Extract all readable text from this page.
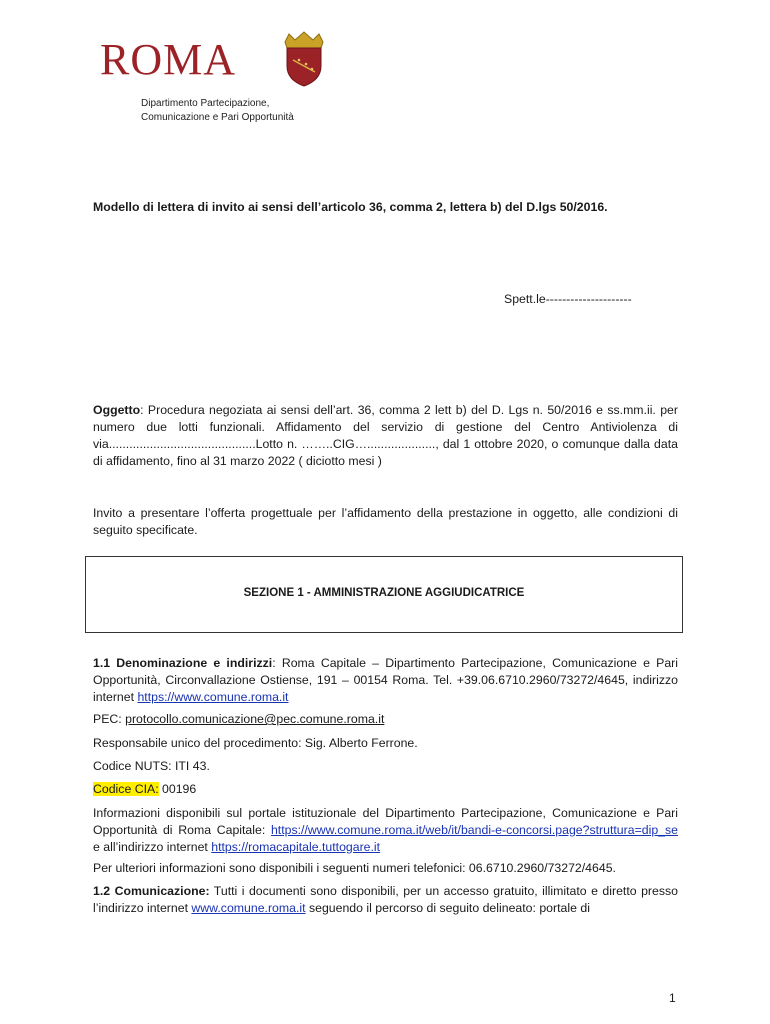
ROMA
Dipartimento Partecipazione,
Comunicazione e Pari Opportunità
Modello di lettera di invito ai sensi dell’articolo 36, comma 2, lettera b) del D.lgs 50/2016.
Spett.le---------------------

Oggetto: Procedura negoziata ai sensi dell’art. 36, comma 2 lett b) del D. Lgs n. 50/2016 e ss.mm.ii. per numero due lotti funzionali. Affidamento del servizio di gestione del Centro Antiviolenza di via...........................................Lotto n. ……..CIG…...................., dal 1 ottobre 2020, o comunque dalla data di affidamento, fino al 31 marzo 2022 ( diciotto mesi )

Invito a presentare l’offerta progettuale per l’affidamento della prestazione in oggetto, alle condizioni di seguito specificate.

SEZIONE 1 - AMMINISTRAZIONE AGGIUDICATRICE

1.1 Denominazione e indirizzi: Roma Capitale – Dipartimento Partecipazione, Comunicazione e Pari Opportunità, Circonvallazione Ostiense, 191 – 00154 Roma. Tel. +39.06.6710.2960/73272/4645, indirizzo internet https://www.comune.roma.it

PEC: protocollo.comunicazione@pec.comune.roma.it

Responsabile unico del procedimento: Sig. Alberto Ferrone.

Codice NUTS: ITI 43.

Codice CIA: 00196

Informazioni disponibili sul portale istituzionale del Dipartimento Partecipazione, Comunicazione e Pari Opportunità di Roma Capitale: https://www.comune.roma.it/web/it/bandi-e-concorsi.page?struttura=dip_se e all’indirizzo internet https://romacapitale.tuttogare.it

Per ulteriori informazioni sono disponibili i seguenti numeri telefonici: 06.6710.2960/73272/4645.

1.2 Comunicazione: Tutti i documenti sono disponibili, per un accesso gratuito, illimitato e diretto presso l’indirizzo internet www.comune.roma.it seguendo il percorso di seguito delineato: portale di

1
